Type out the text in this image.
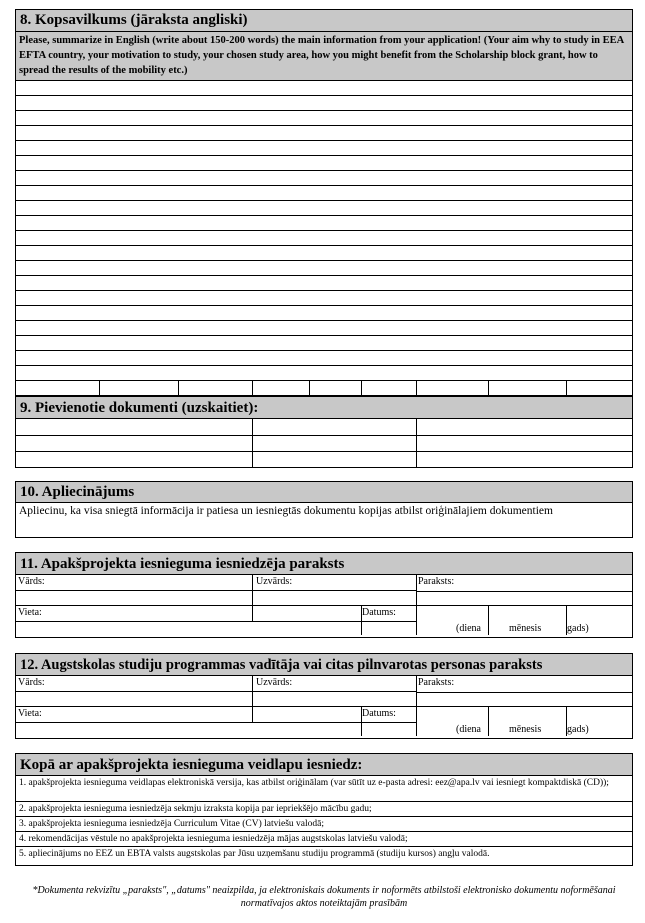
8. Kopsavilkums (jāraksta angliski)
Please, summarize in English (write about 150-200 words) the main information from your application! (Your aim why to study in EEA EFTA country, your motivation to study, your chosen study area, how you might benefit from the Scholarship block grant, how to spread the results of the mobility etc.)
9. Pievienotie dokumenti (uzskaitiet):
10. Apliecinājums
Apliecinu, ka visa sniegtā informācija ir patiesa un iesniegtās dokumentu kopijas atbilst oriģinālajiem dokumentiem
11. Apakšprojekta iesnieguma iesniedzēja paraksts
Vārds:	Uzvārds:	Paraksts:
Vieta:	Datums:
(diena	mēnesis	gads)
12. Augstskolas studiju programmas vadītāja vai citas pilnvarotas personas paraksts
Vārds:	Uzvārds:	Paraksts:
Vieta:	Datums:
(diena	mēnesis	gads)
Kopā ar apakšprojekta iesnieguma veidlapu iesniedz:
1. apakšprojekta iesnieguma veidlapas elektroniskā versija, kas atbilst oriģinālam (var sūtīt uz e-pasta adresi: eez@apa.lv vai iesniegt kompaktdiskā (CD));
2. apakšprojekta iesnieguma iesniedzēja sekmju izraksta kopija par iepriekšējo mācību gadu;
3. apakšprojekta iesnieguma iesniedzēja Curriculum Vitae (CV) latviešu valodā;
4. rekomendācijas vēstule no apakšprojekta iesnieguma iesniedzēja mājas augstskolas latviešu valodā;
5. apliecinājums no EEZ un EBTA valsts augstskolas par Jūsu uzņemšanu studiju programmā (studiju kursos) angļu valodā.
*Dokumenta rekvizītu „paraksts", „datums" neaizpilda, ja elektroniskais dokuments ir noformēts atbilstoši elektronisko dokumentu noformēšanai normatīvajos aktos noteiktajām prasībām
